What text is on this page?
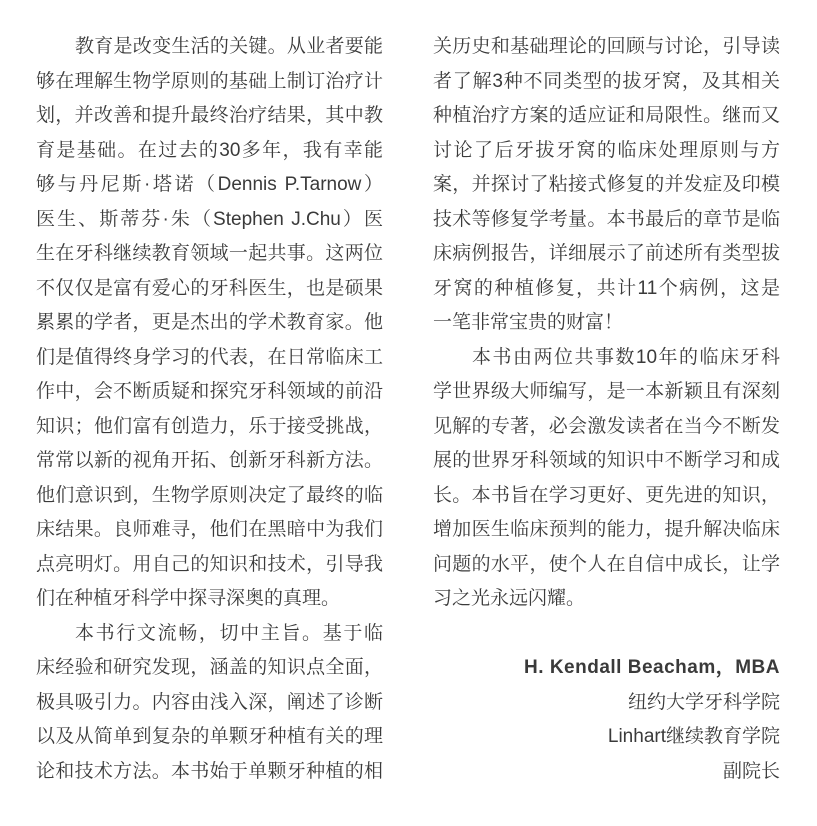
教育是改变生活的关键。从业者要能
够在理解生物学原则的基础上制订治疗计
划，并改善和提升最终治疗结果，其中教
育是基础。在过去的30多年，我有幸能
够与丹尼斯·塔诺（Dennis P.Tarnow）
医生、斯蒂芬·朱（Stephen J.Chu）医
生在牙科继续教育领域一起共事。这两位
不仅仅是富有爱心的牙科医生，也是硕果
累累的学者，更是杰出的学术教育家。他
们是值得终身学习的代表，在日常临床工
作中，会不断质疑和探究牙科领域的前沿
知识；他们富有创造力，乐于接受挑战，
常常以新的视角开拓、创新牙科新方法。
他们意识到，生物学原则决定了最终的临
床结果。良师难寻，他们在黑暗中为我们
点亮明灯。用自己的知识和技术，引导我
们在种植牙科学中探寻深奥的真理。
本书行文流畅，切中主旨。基于临
床经验和研究发现，涵盖的知识点全面，
极具吸引力。内容由浅入深，阐述了诊断
以及从简单到复杂的单颗牙种植有关的理
论和技术方法。本书始于单颗牙种植的相
关历史和基础理论的回顾与讨论，引导读
者了解3种不同类型的拔牙窝，及其相关
种植治疗方案的适应证和局限性。继而又
讨论了后牙拔牙窝的临床处理原则与方
案，并探讨了粘接式修复的并发症及印模
技术等修复学考量。本书最后的章节是临
床病例报告，详细展示了前述所有类型拔
牙窝的种植修复，共计11个病例，这是
一笔非常宝贵的财富！
本书由两位共事数10年的临床牙科
学世界级大师编写，是一本新颖且有深刻
见解的专著，必会激发读者在当今不断发
展的世界牙科领域的知识中不断学习和成
长。本书旨在学习更好、更先进的知识，
增加医生临床预判的能力，提升解决临床
问题的水平，使个人在自信中成长，让学
习之光永远闪耀。
H. Kendall Beacham，MBA
纽约大学牙科学院
Linhart继续教育学院
副院长
